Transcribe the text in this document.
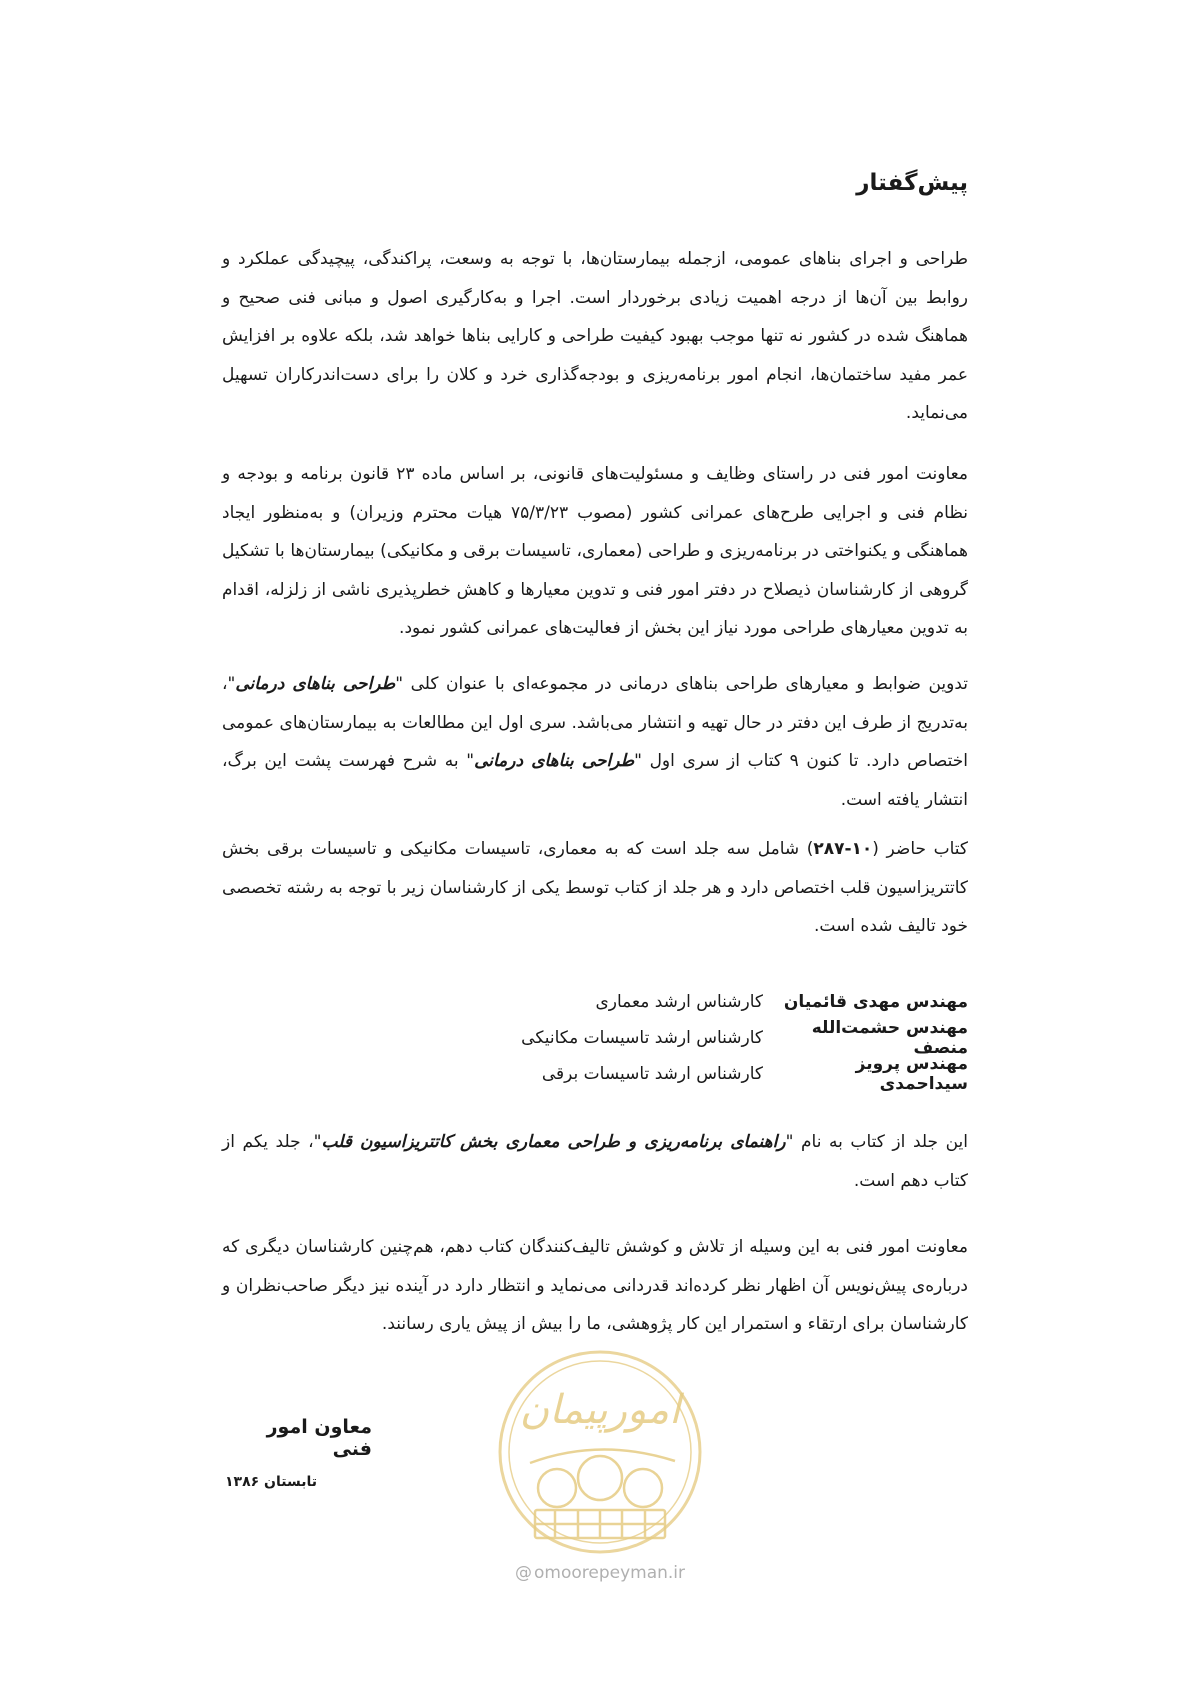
پیش‌گفتار

طراحی و اجرای بناهای عمومی، ازجمله بیمارستان‌ها، با توجه به وسعت، پراکندگی، پیچیدگی عملکرد و روابط بین آن‌ها از درجه اهمیت زیادی برخوردار است. اجرا و به‌کارگیری اصول و مبانی فنی صحیح و هماهنگ شده در کشور نه تنها موجب بهبود کیفیت طراحی و کارایی بناها خواهد شد، بلکه علاوه بر افزایش عمر مفید ساختمان‌ها، انجام امور برنامه‌ریزی و بودجه‌گذاری خرد و کلان را برای دست‌اندرکاران تسهیل می‌نماید.

معاونت امور فنی در راستای وظایف و مسئولیت‌های قانونی، بر اساس ماده ۲۳ قانون برنامه و بودجه و نظام فنی و اجرایی طرح‌های عمرانی کشور (مصوب ۷۵/۳/۲۳ هیات محترم وزیران) و به‌منظور ایجاد هماهنگی و یکنواختی در برنامه‌ریزی و طراحی (معماری، تاسیسات برقی و مکانیکی) بیمارستان‌ها با تشکیل گروهی از کارشناسان ذیصلاح در دفتر امور فنی و تدوین معیارها و کاهش خطرپذیری ناشی از زلزله، اقدام به تدوین معیارهای طراحی مورد نیاز این بخش از فعالیت‌های عمرانی کشور نمود.

تدوین ضوابط و معیارهای طراحی بناهای درمانی در مجموعه‌ای با عنوان کلی "طراحی بناهای درمانی"، به‌تدریج از طرف این دفتر در حال تهیه و انتشار می‌باشد. سری اول این مطالعات به بیمارستان‌های عمومی اختصاص دارد. تا کنون ۹ کتاب از سری اول "طراحی بناهای درمانی" به شرح فهرست پشت این برگ، انتشار یافته است.

کتاب حاضر (۱۰-۲۸۷) شامل سه جلد است که به معماری، تاسیسات مکانیکی و تاسیسات برقی بخش کاتتریزاسیون قلب اختصاص دارد و هر جلد از کتاب توسط یکی از کارشناسان زیر با توجه به رشته تخصصی خود تالیف شده است.

مهندس مهدی قائمیان
کارشناس ارشد معماری
مهندس حشمت‌الله منصف
کارشناس ارشد تاسیسات مکانیکی
مهندس پرویز سیداحمدی
کارشناس ارشد تاسیسات برقی

این جلد از کتاب به نام "راهنمای برنامه‌ریزی و طراحی معماری بخش کاتتریزاسیون قلب"، جلد یکم از کتاب دهم است.

معاونت امور فنی به این وسیله از تلاش و کوشش تالیف‌کنندگان کتاب دهم، هم‌چنین کارشناسان دیگری که درباره‌ی پیش‌نویس آن اظهار نظر کرده‌اند قدردانی می‌نماید و انتظار دارد در آینده نیز دیگر صاحب‌نظران و کارشناسان برای ارتقاء و استمرار این کار پژوهشی، ما را بیش از پیش یاری رسانند.

معاون امور فنی

تابستان ۱۳۸۶

امورپیمان
@ omoorepeyman.ir
